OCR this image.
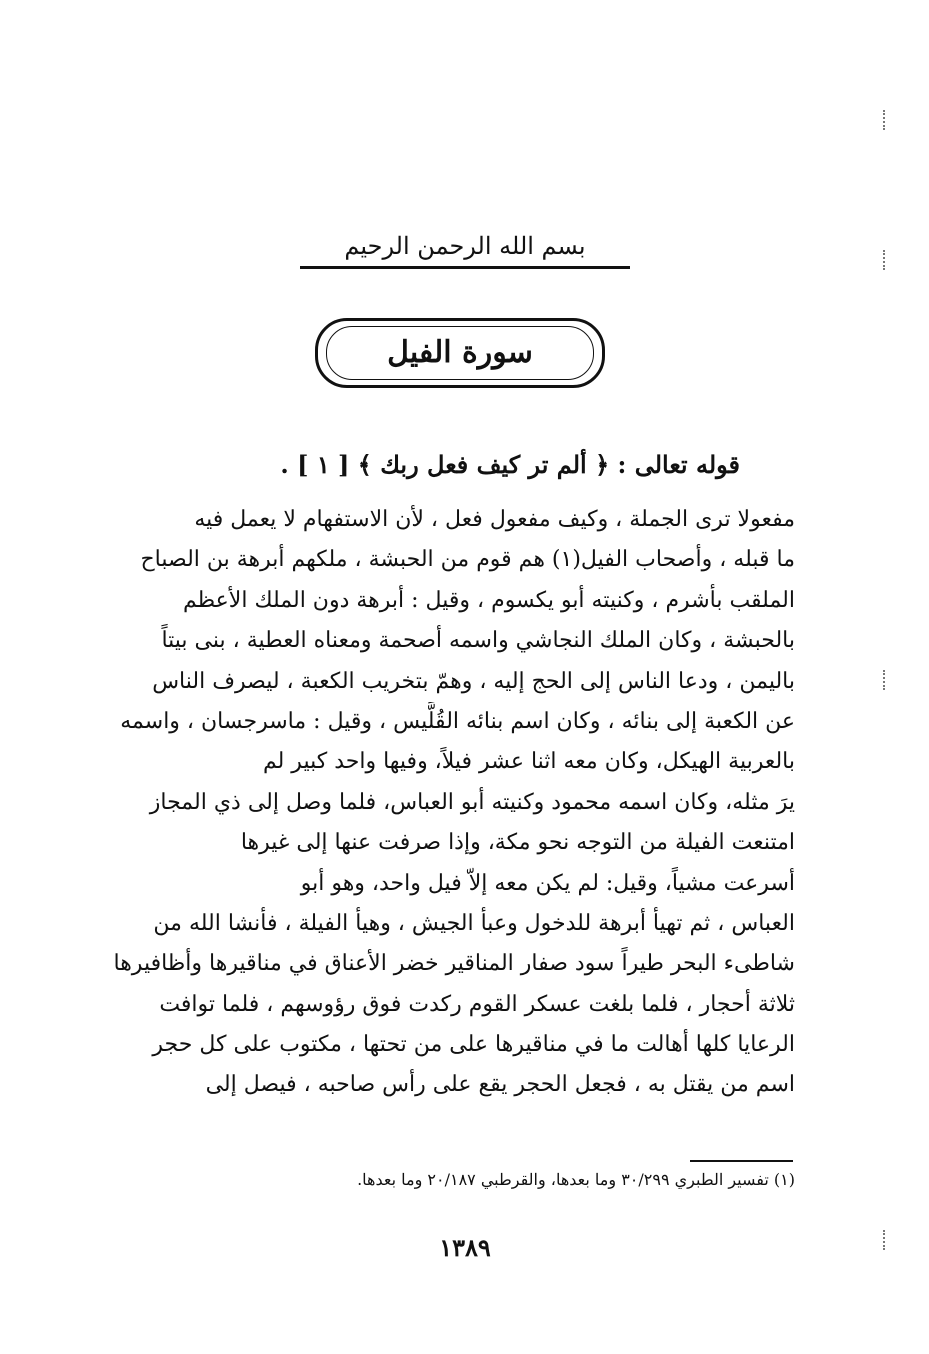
بسم الله الرحمن الرحيم
سورة الفيل
قوله تعالى : ﴿ ألم تر كيف فعل ربك ﴾ [ ١ ] .
مفعولا ترى الجملة ، وكيف مفعول فعل ، لأن الاستفهام لا يعمل فيه
ما قبله ، وأصحاب الفيل(١) هم قوم من الحبشة ، ملكهم أبرهة بن الصباح
الملقب بأشرم ، وكنيته أبو يكسوم ، وقيل : أبرهة دون الملك الأعظم
بالحبشة ، وكان الملك النجاشي واسمه أصحمة ومعناه العطية ، بنى بيتاً
باليمن ، ودعا الناس إلى الحج إليه ، وهمّ بتخريب الكعبة ، ليصرف الناس
عن الكعبة إلى بنائه ، وكان اسم بنائه القُلَّيس ، وقيل : ماسرجسان ، واسمه
بالعربية الهيكل، وكان معه اثنا عشر فيلاً، وفيها واحد كبير لم
يرَ مثله، وكان اسمه محمود وكنيته أبو العباس، فلما وصل إلى ذي المجاز
امتنعت الفيلة من التوجه نحو مكة، وإذا صرفت عنها إلى غيرها
أسرعت مشياً، وقيل: لم يكن معه إلاّ فيل واحد، وهو أبو
العباس ، ثم تهيأ أبرهة للدخول وعبأ الجيش ، وهيأ الفيلة ، فأنشا الله من
شاطىء البحر طيراً سود صفار المناقير خضر الأعناق في مناقيرها وأظافيرها
ثلاثة أحجار ، فلما بلغت عسكر القوم ركدت فوق رؤوسهم ، فلما توافت
الرعايا كلها أهالت ما في مناقيرها على من تحتها ، مكتوب على كل حجر
اسم من يقتل به ، فجعل الحجر يقع على رأس صاحبه ، فيصل إلى
(١) تفسير الطبري ٣٠/٢٩٩ وما بعدها، والقرطبي ٢٠/١٨٧ وما بعدها.
١٣٨٩
